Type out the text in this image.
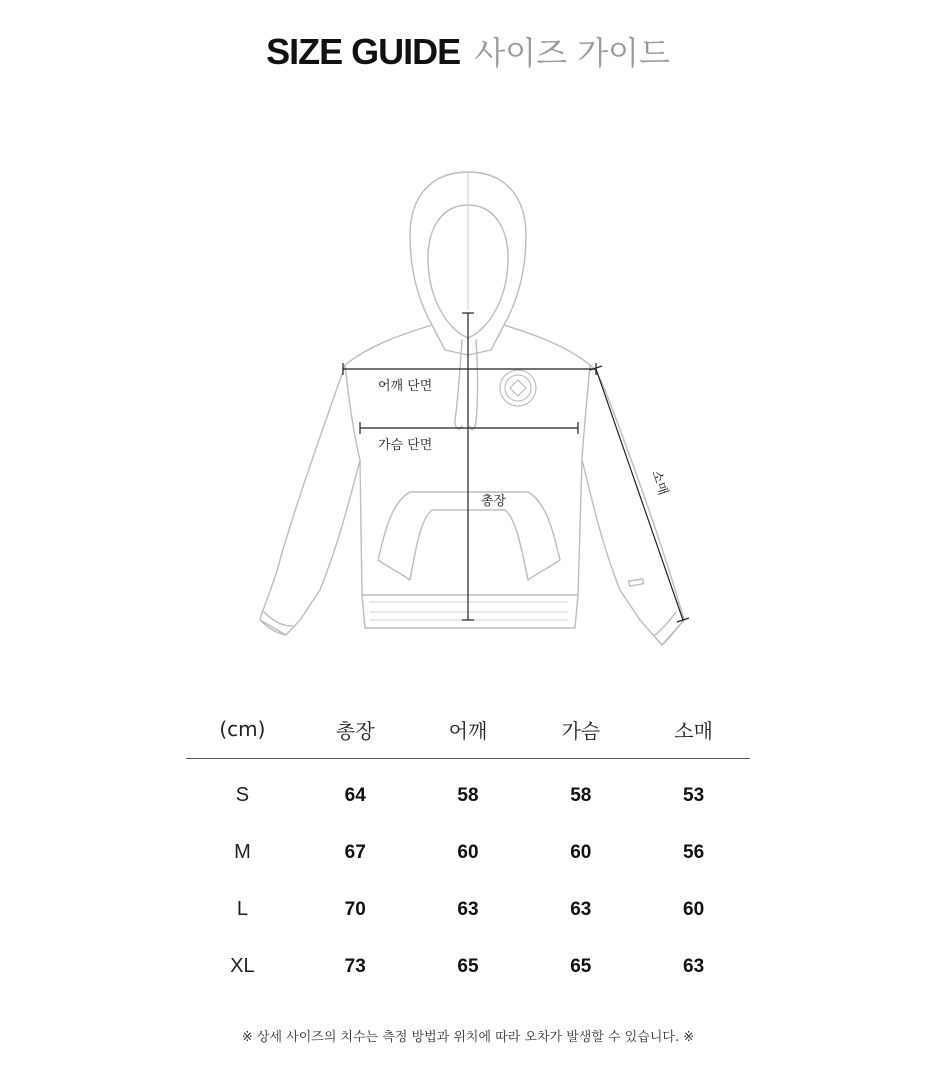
SIZE GUIDE 사이즈 가이드
어깨 단면
가슴 단면
총장
소매
(cm)	총장	어깨	가슴	소매

S	64	58	58	53
M	67	60	60	56
L	70	63	63	60
XL	73	65	65	63
※ 상세 사이즈의 치수는 측정 방법과 위치에 따라 오차가 발생할 수 있습니다. ※
